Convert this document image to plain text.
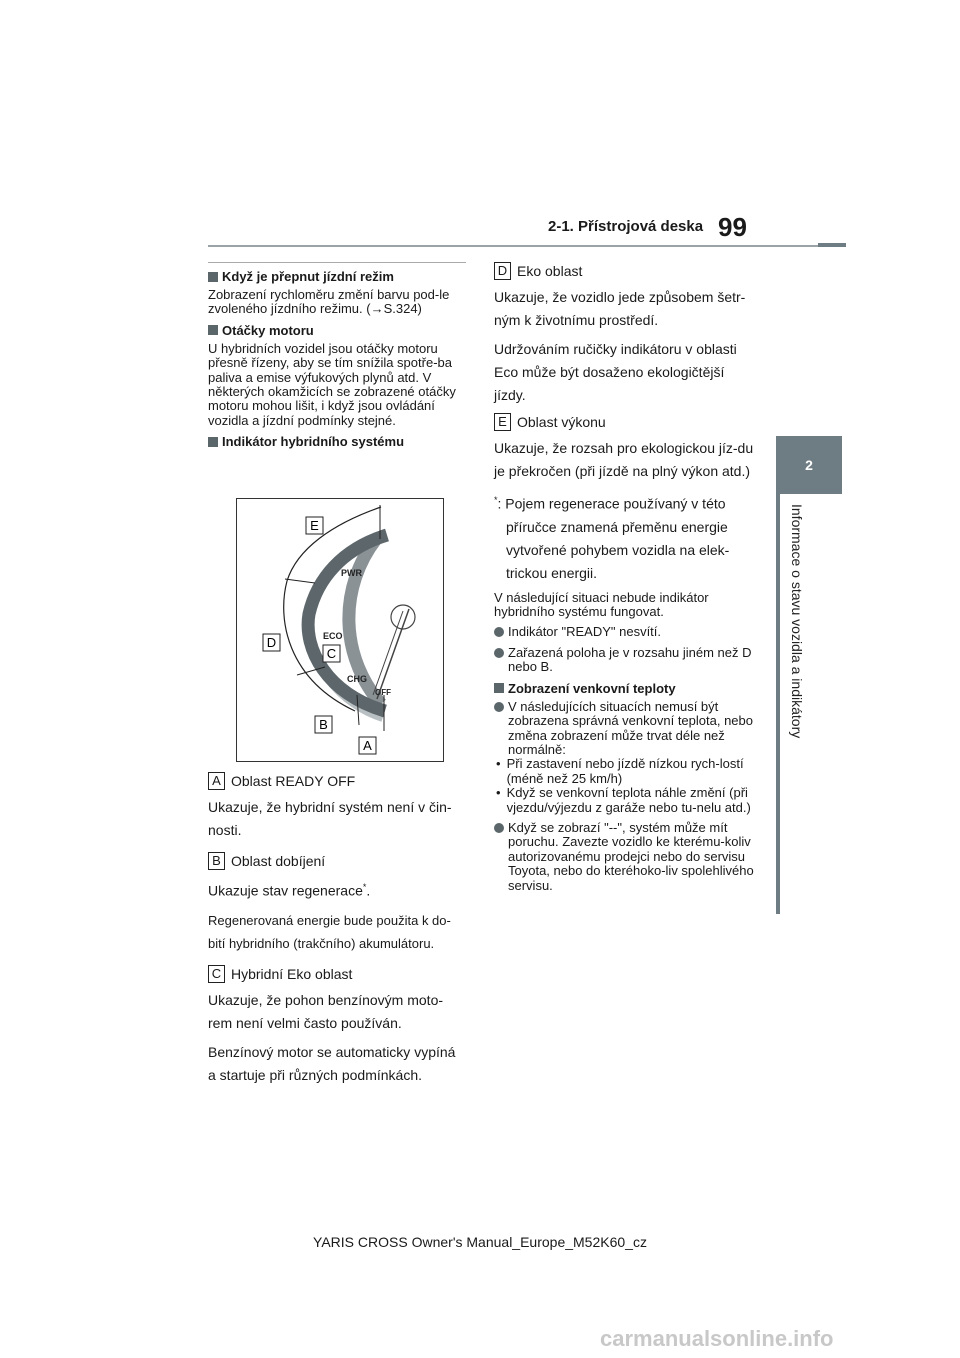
2-1. Přístrojová deska 99
2
Informace o stavu vozidla a indikátory
Když je přepnut jízdní režim

Zobrazení rychloměru změní barvu pod-le zvoleného jízdního režimu. (→S.324)

Otáčky motoru

U hybridních vozidel jsou otáčky motoru přesně řízeny, aby se tím snížila spotře-ba paliva a emise výfukových plynů atd. V některých okamžicích se zobrazené otáčky motoru mohou lišit, i když jsou ovládání vozidla a jízdní podmínky stejné.

Indikátor hybridního systému
PWR
ECO
CHG
OFF
E
D
C
B
A
A Oblast READY OFF

Ukazuje, že hybridní systém není v čin-nosti.

B Oblast dobíjení

Ukazuje stav regenerace*.

Regenerovaná energie bude použita k do-bití hybridního (trakčního) akumulátoru.

C Hybridní Eko oblast

Ukazuje, že pohon benzínovým moto-rem není velmi často používán.

Benzínový motor se automaticky vypíná a startuje při různých podmínkách.

D Eko oblast

Ukazuje, že vozidlo jede způsobem šetr-ným k životnímu prostředí.

Udržováním ručičky indikátoru v oblasti Eco může být dosaženo ekologičtější jízdy.

E Oblast výkonu

Ukazuje, že rozsah pro ekologickou jíz-du je překročen (při jízdě na plný výkon atd.)

*: Pojem regenerace používaný v této příručce znamená přeměnu energie vytvořené pohybem vozidla na elek-trickou energii.

V následující situaci nebude indikátor hybridního systému fungovat.

Indikátor "READY" nesvítí.
Zařazená poloha je v rozsahu jiném než D nebo B.
Zobrazení venkovní teploty
V následujících situacích nemusí být zobrazena správná venkovní teplota, nebo změna zobrazení může trvat déle než normálně:
• Při zastavení nebo jízdě nízkou rych-lostí (méně než 25 km/h)
• Když se venkovní teplota náhle změní (při vjezdu/výjezdu z garáže nebo tu-nelu atd.)
Když se zobrazí "--", systém může mít poruchu. Zavezte vozidlo ke kterému-koliv autorizovanému prodejci nebo do servisu Toyota, nebo do kteréhoko-liv spolehlivého servisu.
YARIS CROSS Owner's Manual_Europe_M52K60_cz
carmanualsonline.info
